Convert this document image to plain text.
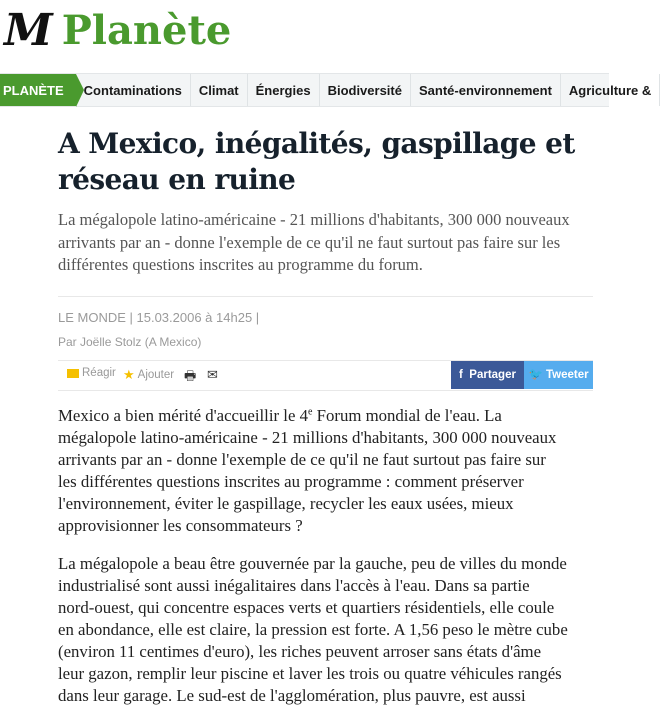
M Planète
PLANÈTE	Contaminations	Climat	Énergies	Biodiversité	Santé-environnement	Agriculture &
A Mexico, inégalités, gaspillage et réseau en ruine

La mégalopole latino-américaine - 21 millions d'habitants, 300 000 nouveaux arrivants par an - donne l'exemple de ce qu'il ne faut surtout pas faire sur les différentes questions inscrites au programme du forum.

LE MONDE | 15.03.2006 à 14h25 |
Par Joëlle Stolz (A Mexico)
Réagir ★ Ajouter 🖶 ✉	f  Partager	🐦 Tweeter
Mexico a bien mérité d'accueillir le 4e Forum mondial de l'eau. La
mégalopole latino-américaine - 21 millions d'habitants, 300 000 nouveaux
arrivants par an - donne l'exemple de ce qu'il ne faut surtout pas faire sur
les différentes questions inscrites au programme : comment préserver
l'environnement, éviter le gaspillage, recycler les eaux usées, mieux
approvisionner les consommateurs ?
La mégalopole a beau être gouvernée par la gauche, peu de villes du monde
industrialisé sont aussi inégalitaires dans l'accès à l'eau. Dans sa partie
nord-ouest, qui concentre espaces verts et quartiers résidentiels, elle coule
en abondance, elle est claire, la pression est forte. A 1,56 peso le mètre cube
(environ 11 centimes d'euro), les riches peuvent arroser sans états d'âme
leur gazon, remplir leur piscine et laver les trois ou quatre véhicules rangés
dans leur garage. Le sud-est de l'agglomération, plus pauvre, est aussi
